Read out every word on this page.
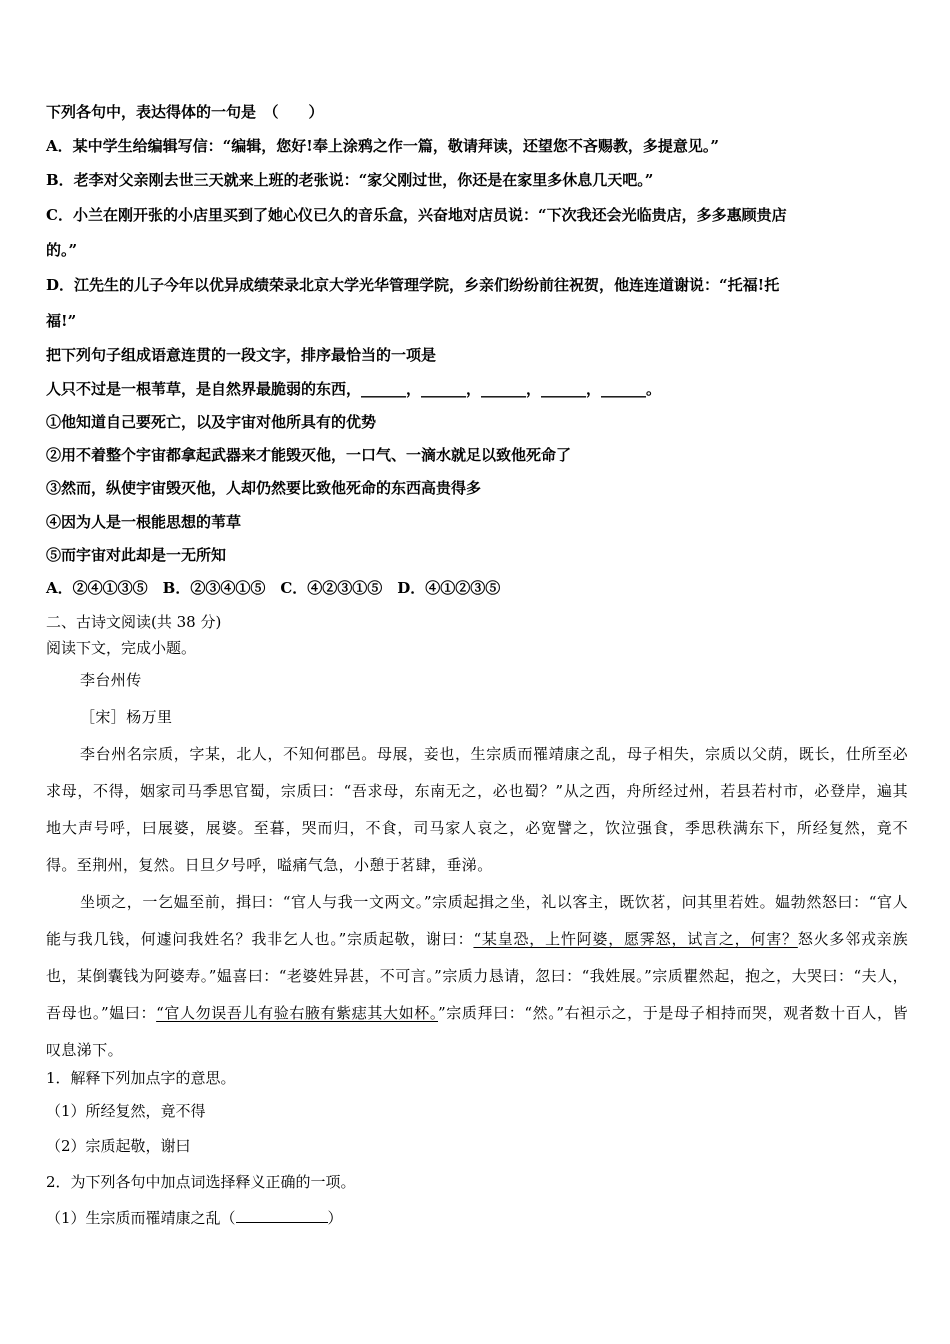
下列各句中，表达得体的一句是　（　　）
A．某中学生给编辑写信：“编辑，您好!奉上涂鸦之作一篇，敬请拜读，还望您不吝赐教，多提意见。”
B．老李对父亲刚去世三天就来上班的老张说：“家父刚过世，你还是在家里多休息几天吧。”
C．小兰在刚开张的小店里买到了她心仪已久的音乐盒，兴奋地对店员说：“下次我还会光临贵店，多多惠顾贵店
的。”
D．江先生的儿子今年以优异成绩荣录北京大学光华管理学院，乡亲们纷纷前往祝贺，他连连道谢说：“托福!托
福!”
把下列句子组成语意连贯的一段文字，排序最恰当的一项是
人只不过是一根苇草，是自然界最脆弱的东西，______，______，______，______，______。
①他知道自己要死亡，以及宇宙对他所具有的优势
②用不着整个宇宙都拿起武器来才能毁灭他，一口气、一滴水就足以致他死命了
③然而，纵使宇宙毁灭他，人却仍然要比致他死命的东西高贵得多
④因为人是一根能思想的苇草
⑤而宇宙对此却是一无所知
A．②④①③⑤　B．②③④①⑤　C．④②③①⑤　D．④①②③⑤
二、古诗文阅读(共 38 分)
阅读下文，完成小题。
李台州传
［宋］杨万里

李台州名宗质，字某，北人，不知何郡邑。母展，妾也，生宗质而罹靖康之乱，母子相失，宗质以父荫，既长，仕所至必求母，不得，姻家司马季思官蜀，宗质曰：“吾求母，东南无之，必也蜀？”从之西，舟所经过州，若县若村市，必登岸，遍其地大声号呼，曰展婆，展婆。至暮，哭而归，不食，司马家人哀之，必宽譬之，饮泣强食，季思秩满东下，所经复然，竟不得。至荆州，复然。日旦夕号呼，嗌痛气急，小憩于茗肆，垂涕。

坐顷之，一乞媪至前，揖曰：“官人与我一文两文。”宗质起揖之坐，礼以客主，既饮茗，问其里若姓。媪勃然怒曰：“官人能与我几钱，何遽问我姓名？我非乞人也。”宗质起敬，谢曰：“某皇恐，上忤阿婆，愿霁怒，试言之，何害？怒火多邻戎亲族也，某倒囊钱为阿婆寿。”媪喜曰：“老婆姓异甚，不可言。”宗质力恳请，忽曰：“我姓展。”宗质瞿然起，抱之，大哭曰：“夫人，吾母也。”媪曰：“官人勿误吾儿有验右腋有紫痣其大如杯。”宗质拜曰：“然。”右袒示之，于是母子相持而哭，观者数十百人，皆叹息涕下。

1．解释下列加点字的意思。
（1）所经复然，竟不得
（2）宗质起敬，谢曰
2．为下列各句中加点词选择释义正确的一项。
（1）生宗质而罹靖康之乱（	）
